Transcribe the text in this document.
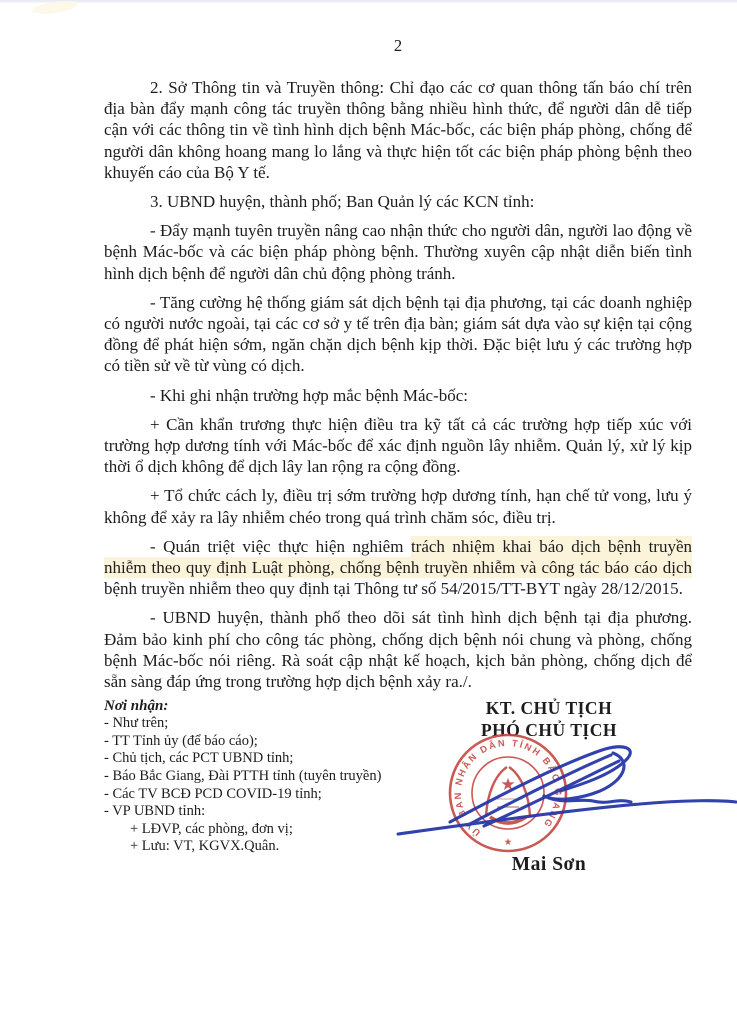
2

2. Sở Thông tin và Truyền thông: Chỉ đạo các cơ quan thông tấn báo chí trên địa bàn đẩy mạnh công tác truyền thông bằng nhiều hình thức, để người dân dễ tiếp cận với các thông tin về tình hình dịch bệnh Mác-bốc, các biện pháp phòng, chống để người dân không hoang mang lo lắng và thực hiện tốt các biện pháp phòng bệnh theo khuyến cáo của Bộ Y tế.

3. UBND huyện, thành phố; Ban Quản lý các KCN tỉnh:

- Đẩy mạnh tuyên truyền nâng cao nhận thức cho người dân, người lao động về bệnh Mác-bốc và các biện pháp phòng bệnh. Thường xuyên cập nhật diễn biến tình hình dịch bệnh để người dân chủ động phòng tránh.

- Tăng cường hệ thống giám sát dịch bệnh tại địa phương, tại các doanh nghiệp có người nước ngoài, tại các cơ sở y tế trên địa bàn; giám sát dựa vào sự kiện tại cộng đồng để phát hiện sớm, ngăn chặn dịch bệnh kịp thời. Đặc biệt lưu ý các trường hợp có tiền sử về từ vùng có dịch.

- Khi ghi nhận trường hợp mắc bệnh Mác-bốc:

+ Cần khẩn trương thực hiện điều tra kỹ tất cả các trường hợp tiếp xúc với trường hợp dương tính với Mác-bốc để xác định nguồn lây nhiễm. Quản lý, xử lý kịp thời ổ dịch không để dịch lây lan rộng ra cộng đồng.

+ Tổ chức cách ly, điều trị sớm trường hợp dương tính, hạn chế tử vong, lưu ý không để xảy ra lây nhiễm chéo trong quá trình chăm sóc, điều trị.

- Quán triệt việc thực hiện nghiêm trách nhiệm khai báo dịch bệnh truyền nhiễm theo quy định Luật phòng, chống bệnh truyền nhiễm và công tác báo cáo dịch bệnh truyền nhiễm theo quy định tại Thông tư số 54/2015/TT-BYT ngày 28/12/2015.

- UBND huyện, thành phố theo dõi sát tình hình dịch bệnh tại địa phương. Đảm bảo kinh phí cho công tác phòng, chống dịch bệnh nói chung và phòng, chống bệnh Mác-bốc nói riêng. Rà soát cập nhật kế hoạch, kịch bản phòng, chống dịch để sẵn sàng đáp ứng trong trường hợp dịch bệnh xảy ra./.

Nơi nhận:
- Như trên;
- TT Tỉnh ủy (để báo cáo);
- Chủ tịch, các PCT UBND tỉnh;
- Báo Bắc Giang, Đài PTTH tỉnh (tuyên truyền)
- Các TV BCĐ PCD COVID-19 tỉnh;
- VP UBND tỉnh:
+ LĐVP, các phòng, đơn vị;
+ Lưu: VT, KGVX.Quân.
KT. CHỦ TỊCH
PHÓ CHỦ TỊCH
Mai Sơn
ỦY BAN NHÂN DÂN TỈNH BẮC GIANG
★
★
